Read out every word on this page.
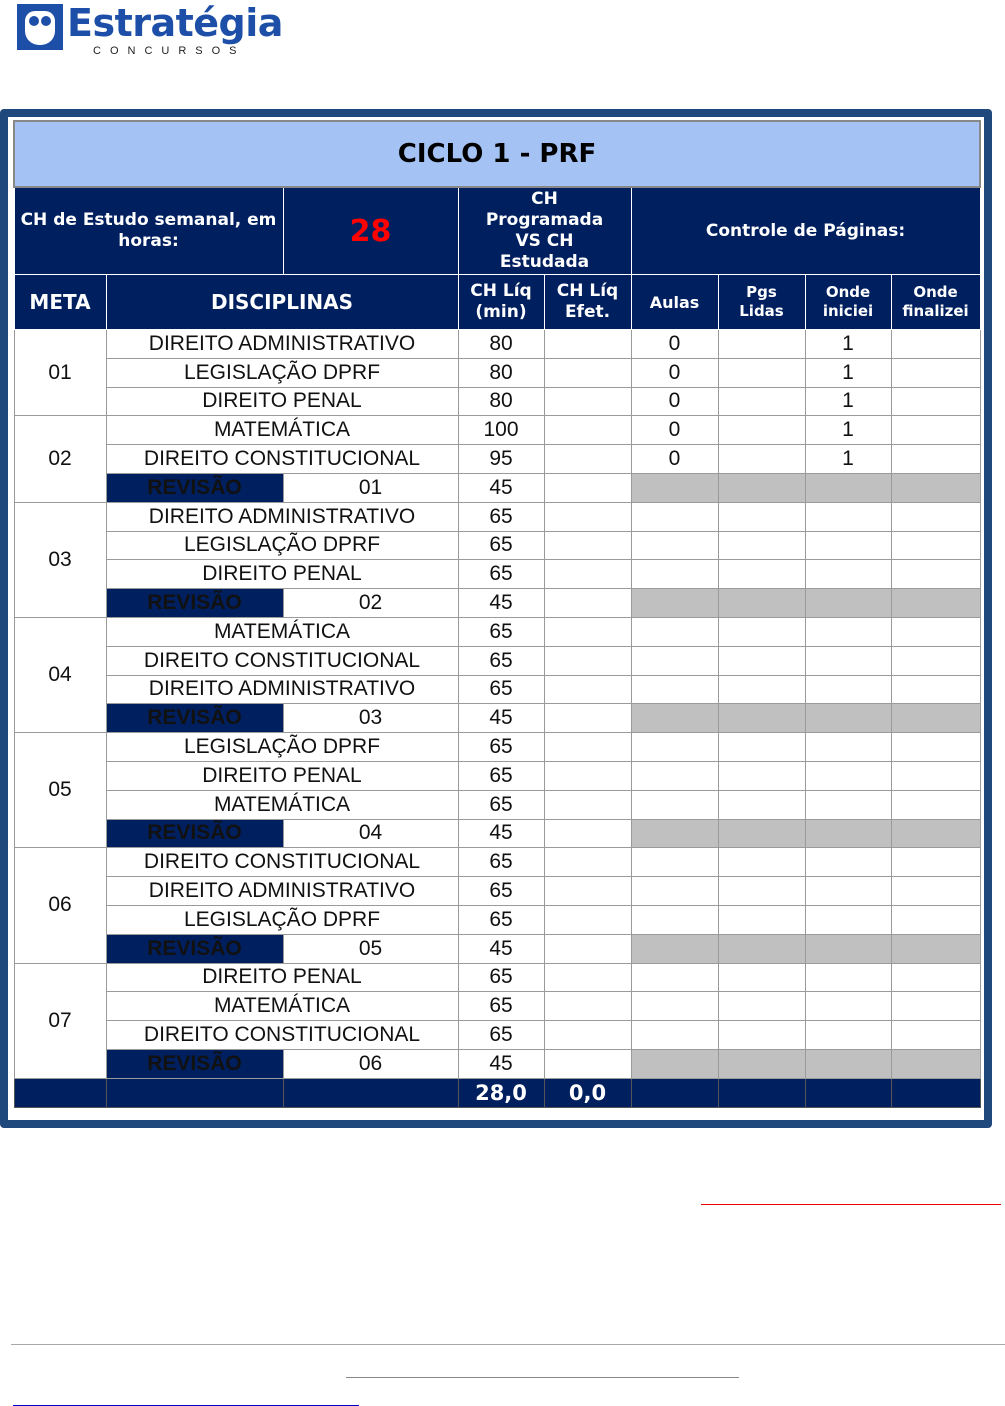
Estratégia
CONCURSOS
CICLO 1 - PRF								
CH de Estudo semanal, em horas:		28	CH Programada VS CH Estudada		Controle de Páginas:			
META	DISCIPLINAS		CH Líq (min)	CH Líq Efet.	Aulas	Pgs Lidas	Onde iniciei	Onde finalizei
01	DIREITO ADMINISTRATIVO		80		0		1	
	LEGISLAÇÃO DPRF		80		0		1	
	DIREITO PENAL		80		0		1	
02	MATEMÁTICA		100		0		1	
	DIREITO CONSTITUCIONAL		95		0		1	
	REVISÃO	01	45					
03	DIREITO ADMINISTRATIVO		65					
	LEGISLAÇÃO DPRF		65					
	DIREITO PENAL		65					
	REVISÃO	02	45					
04	MATEMÁTICA		65					
	DIREITO CONSTITUCIONAL		65					
	DIREITO ADMINISTRATIVO		65					
	REVISÃO	03	45					
05	LEGISLAÇÃO DPRF		65					
	DIREITO PENAL		65					
	MATEMÁTICA		65					
	REVISÃO	04	45					
06	DIREITO CONSTITUCIONAL		65					
	DIREITO ADMINISTRATIVO		65					
	LEGISLAÇÃO DPRF		65					
	REVISÃO	05	45					
07	DIREITO PENAL		65					
	MATEMÁTICA		65					
	DIREITO CONSTITUCIONAL		65					
	REVISÃO	06	45					
			28,0	0,0				
